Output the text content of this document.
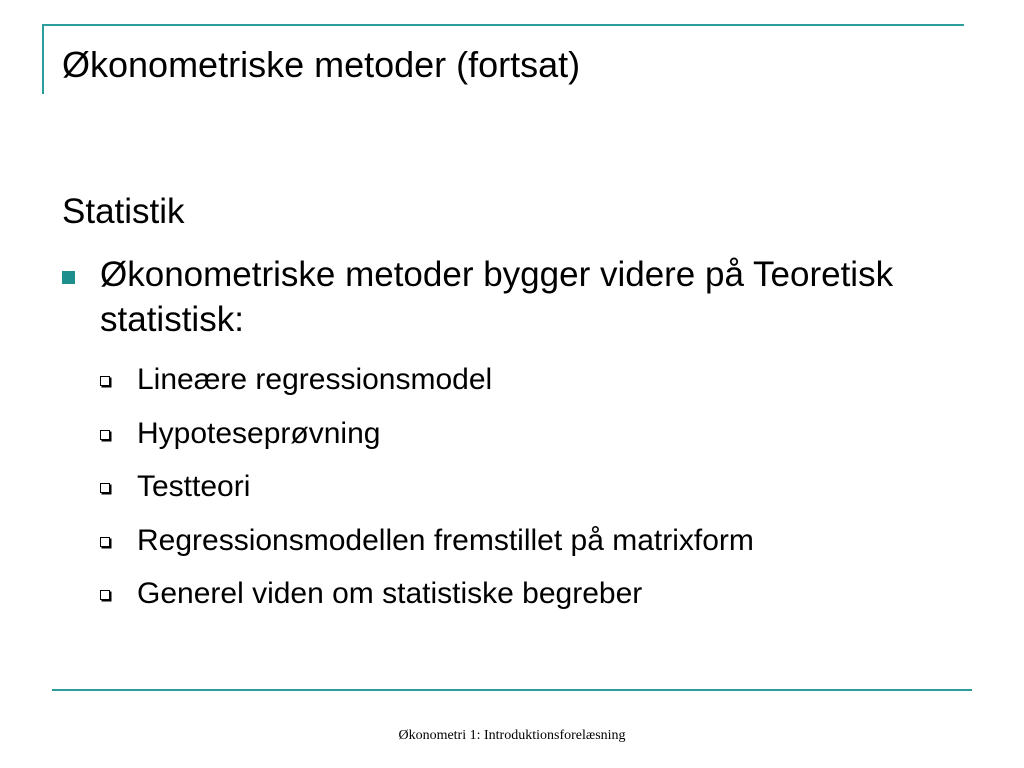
Økonometriske metoder (fortsat)
Statistik
Økonometriske metoder bygger videre på Teoretisk statistisk:
Lineære regressionsmodel
Hypoteseprøvning
Testteori
Regressionsmodellen fremstillet på matrixform
Generel viden om statistiske begreber
Økonometri 1: Introduktionsforelæsning
